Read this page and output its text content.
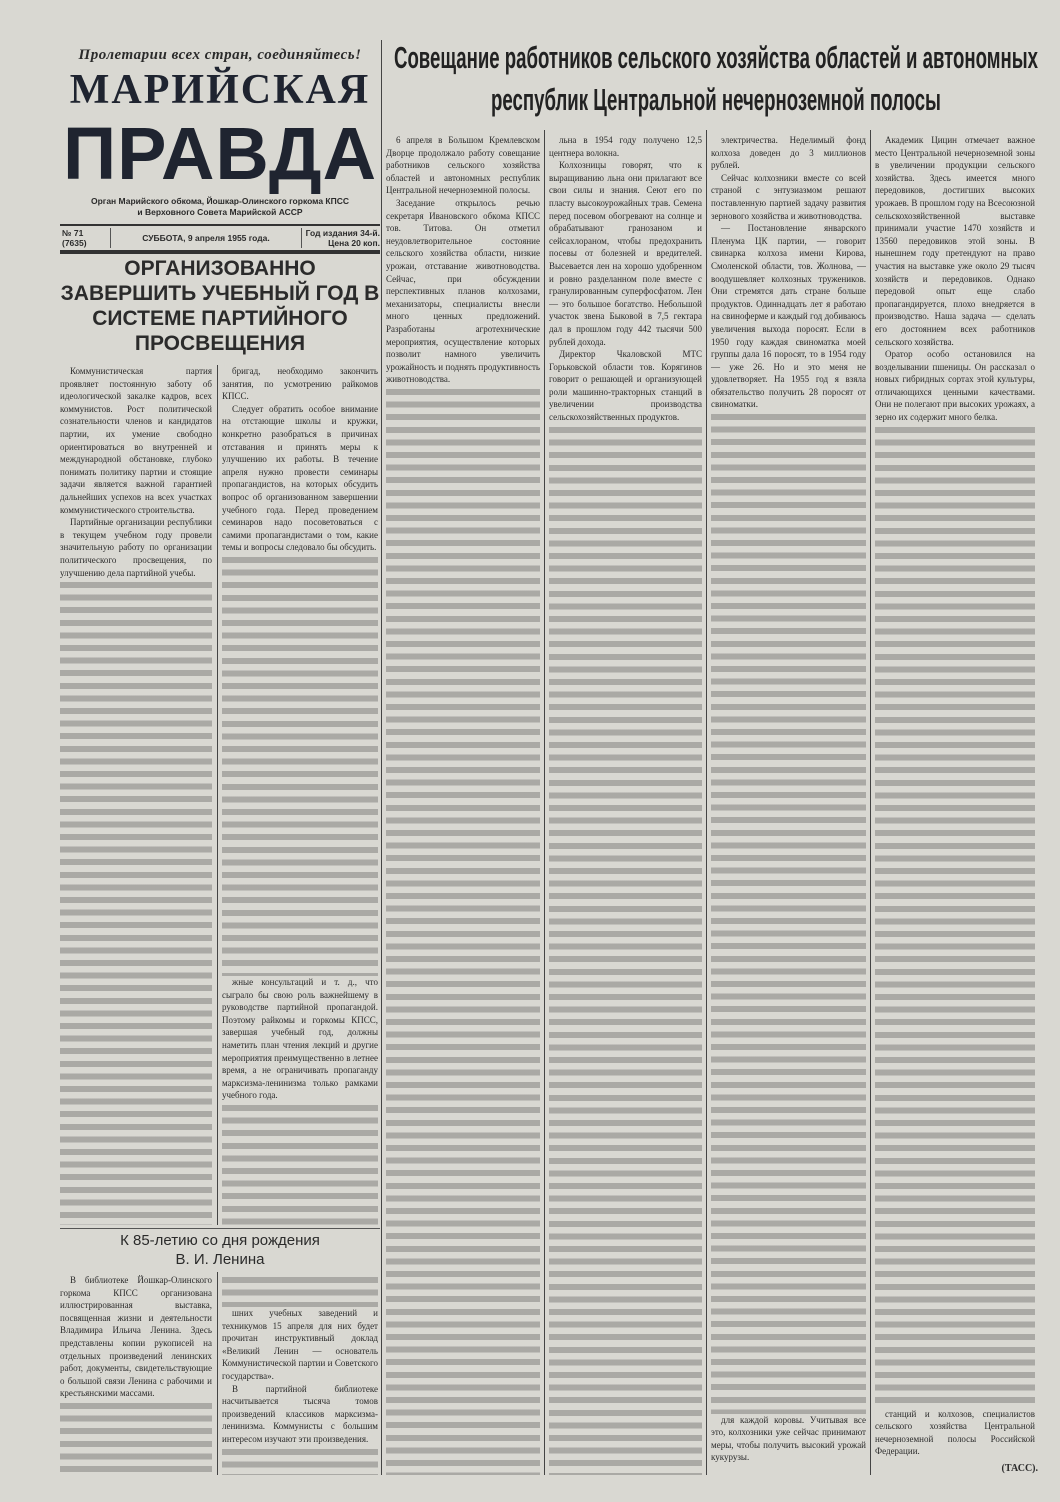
Пролетарии всех стран, соединяйтесь!
МАРИЙСКАЯ
ПРАВДА
Орган Марийского обкома, Йошкар-Олинского горкома КПСС
и Верховного Совета Марийской АССР
№ 71 (7635)	СУББОТА, 9 апреля 1955 года.	Год издания 34-й.
Цена 20 коп.
ОРГАНИЗОВАННО ЗАВЕРШИТЬ УЧЕБНЫЙ ГОД В СИСТЕМЕ ПАРТИЙНОГО ПРОСВЕЩЕНИЯ

Коммунистическая партия проявляет постоянную заботу об идеологической закалке кадров, всех коммунистов. Рост политической сознательности членов и кандидатов партии, их умение свободно ориентироваться во внутренней и международной обстановке, глубоко понимать политику партии и стоящие задачи является важной гарантией дальнейших успехов на всех участках коммунистического строительства.

Партийные организации республики в текущем учебном году провели значительную работу по организации политического просвещения, по улучшению дела партийной учебы.

бригад, необходимо закончить занятия, по усмотрению райкомов КПСС.

Следует обратить особое внимание на отстающие школы и кружки, конкретно разобраться в причинах отставания и принять меры к улучшению их работы. В течение апреля нужно провести семинары пропагандистов, на которых обсудить вопрос об организованном завершении учебного года. Перед проведением семинаров надо посоветоваться с самими пропагандистами о том, какие темы и вопросы следовало бы обсудить.

жные консультаций и т. д., что сыграло бы свою роль важнейшему в руководстве партийной пропагандой. Поэтому райкомы и горкомы КПСС, завершая учебный год, должны наметить план чтения лекций и другие мероприятия преимущественно в летнее время, а не ограничивать пропаганду марксизма-ленинизма только рамками учебного года.

К 85-летию со дня рождения
В. И. Ленина

В библиотеке Йошкар-Олинского горкома КПСС организована иллюстрированная выставка, посвященная жизни и деятельности Владимира Ильича Ленина. Здесь представлены копии рукописей на отдельных произведений ленинских работ, документы, свидетельствующие о большой связи Ленина с рабочими и крестьянскими массами.

шних учебных заведений и техникумов 15 апреля для них будет прочитан инструктивный доклад «Великий Ленин — основатель Коммунистической партии и Советского государства».

В партийной библиотеке насчитывается тысяча томов произведений классиков марксизма-ленинизма. Коммунисты с большим интересом изучают эти произведения.

Совещание работников сельского хозяйства областей и автономных
республик Центральной нечерноземной полосы

6 апреля в Большом Кремлевском Дворце продолжало работу совещание работников сельского хозяйства областей и автономных республик Центральной нечерноземной полосы.

Заседание открылось речью секретаря Ивановского обкома КПСС тов. Титова. Он отметил неудовлетворительное состояние сельского хозяйства области, низкие урожаи, отставание животноводства. Сейчас, при обсуждении перспективных планов колхозами, механизаторы, специалисты внесли много ценных предложений. Разработаны агротехнические мероприятия, осуществление которых позволит намного увеличить урожайность и поднять продуктивность животноводства.

льна в 1954 году получено 12,5 центнера волокна.

Колхозницы говорят, что к выращиванию льна они прилагают все свои силы и знания. Сеют его по пласту высокоурожайных трав. Семена перед посевом обогревают на солнце и обрабатывают гранозаном и сейсахлораном, чтобы предохранить посевы от болезней и вредителей. Высевается лен на хорошо удобренном и ровно разделанном поле вместе с гранулированным суперфосфатом. Лен — это большое богатство. Небольшой участок звена Быковой в 7,5 гектара дал в прошлом году 442 тысячи 500 рублей дохода.

Директор Чкаловской МТС Горьковской области тов. Корягинов говорит о решающей и организующей роли машинно-тракторных станций в увеличении производства сельскохозяйственных продуктов.

электричества. Неделимый фонд колхоза доведен до 3 миллионов рублей.

Сейчас колхозники вместе со всей страной с энтузиазмом решают поставленную партией задачу развития зернового хозяйства и животноводства.

— Постановление январского Пленума ЦК партии, — говорит свинарка колхоза имени Кирова, Смоленской области, тов. Жолнова, — воодушевляет колхозных тружеников. Они стремятся дать стране больше продуктов. Одиннадцать лет я работаю на свиноферме и каждый год добиваюсь увеличения выхода поросят. Если в 1950 году каждая свиноматка моей группы дала 16 поросят, то в 1954 году — уже 26. Но и это меня не удовлетворяет. На 1955 год я взяла обязательство получить 28 поросят от свиноматки.

для каждой коровы. Учитывая все это, колхозники уже сейчас принимают меры, чтобы получить высокий урожай кукурузы.

Академик Цицин отмечает важное место Центральной нечерноземной зоны в увеличении продукции сельского хозяйства. Здесь имеется много передовиков, достигших высоких урожаев. В прошлом году на Всесоюзной сельскохозяйственной выставке принимали участие 1470 хозяйств и 13560 передовиков этой зоны. В нынешнем году претендуют на право участия на выставке уже около 29 тысяч хозяйств и передовиков. Однако передовой опыт еще слабо пропагандируется, плохо внедряется в производство. Наша задача — сделать его достоянием всех работников сельского хозяйства.

Оратор особо остановился на возделывании пшеницы. Он рассказал о новых гибридных сортах этой культуры, отличающихся ценными качествами. Они не полегают при высоких урожаях, а зерно их содержит много белка.

станций и колхозов, специалистов сельского хозяйства Центральной нечерноземной полосы Российской Федерации.

(ТАСС).
